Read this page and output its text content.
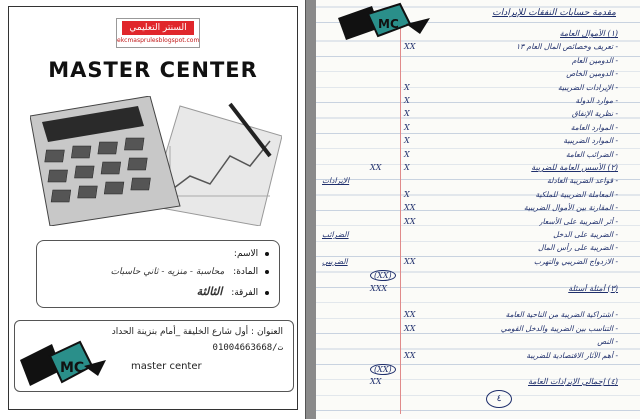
السنتر التعليمي
ekcmasprulesblogspot.com
MASTER CENTER
الاسم:
المادة: محاسبة - منزيه - ثاني حاسبات
الفرقة: الثالثة
العنوان : أول شارع الخليفة _أمام بنزينة الحداد
01004663668/ت
master center
MC
MC
مقدمة حسابات النفقات للإيرادات
(١) الأموال العامة
- تعريف وخصائص المال العام ١٣
XX
- الدومين العام
- الدومين الخاص
- الإيرادات الضريبية
X
- موارد الدولة
X
- نظرية الإنفاق
X
- الموارد العامة
X
- الموارد الضريبية
X
- الضرائب العامة
X
(٢) الأسس العامة للضريبة
X
XX
- قواعد الضريبة العادلة
الإيرادات
- المعاملة الضريبية للملكية
X
- المقارنة بين الأموال الضريبية
XX
- أثر الضريبة على الأسعار
XX
- الضريبة على الدخل
الضرائب
- الضريبة على رأس المال
- الازدواج الضريبي والتهرب
XX
الضريبي
(XX)
(٣) أمثلة أسئلة
XXX
- اشتراكية الضريبة من الناحية العامة
XX
- التناسب بين الضريبة والدخل القومي
XX
- النص
- أهم الآثار الاقتصادية للضريبة
XX
(XX)
(٤) إجمالي الإيرادات العامة
XX
٤
